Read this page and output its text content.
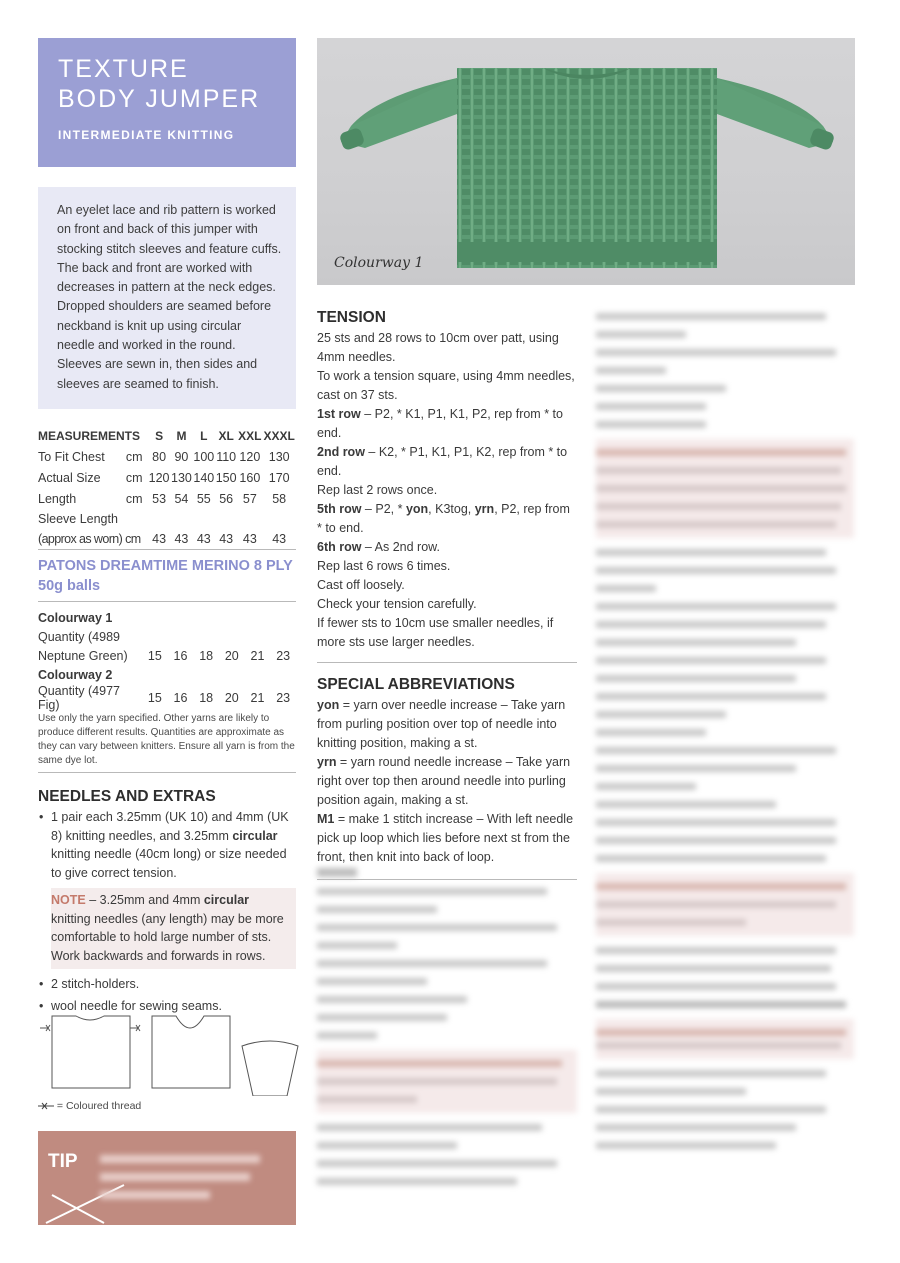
TEXTURE BODY JUMPER
INTERMEDIATE KNITTING
An eyelet lace and rib pattern is worked on front and back of this jumper with stocking stitch sleeves and feature cuffs. The back and front are worked with decreases in pattern at the neck edges. Dropped shoulders are seamed before neckband is knit up using circular needle and worked in the round. Sleeves are sewn in, then sides and sleeves are seamed to finish.
MEASUREMENTS		S	M	L	XL	XXL	XXXL
To Fit Chest	cm	80	90	100	110	120	130
Actual Size	cm	120	130	140	150	160	170
Length	cm	53	54	55	56	57	58
Sleeve Length							
(approx as worn) cm		43	43	43	43	43	43
PATONS DREAMTIME MERINO 8 PLY 50g balls
Colourway 1						
Quantity (4989						
Neptune Green)	15	16	18	20	21	23
Colourway 2						
Quantity (4977 Fig)	15	16	18	20	21	23
Use only the yarn specified. Other yarns are likely to produce different results. Quantities are approximate as they can vary between knitters. Ensure all yarn is from the same dye lot.
NEEDLES AND EXTRAS
• 1 pair each 3.25mm (UK 10) and 4mm (UK 8) knitting needles, and 3.25mm circular knitting needle (40cm long) or size needed to give correct tension.
NOTE – 3.25mm and 4mm circular knitting needles (any length) may be more comfortable to hold large number of sts. Work backwards and forwards in rows.
• 2 stitch-holders.
• wool needle for sewing seams.
= Coloured thread
TIP
Colourway 1
TENSION

25 sts and 28 rows to 10cm over patt, using 4mm needles.

To work a tension square, using 4mm needles, cast on 37 sts.

1st row – P2, * K1, P1, K1, P2, rep from * to end.

2nd row – K2, * P1, K1, P1, K2, rep from * to end.

Rep last 2 rows once.

5th row – P2, * yon, K3tog, yrn, P2, rep from * to end.

6th row – As 2nd row.

Rep last 6 rows 6 times.

Cast off loosely.

Check your tension carefully.

If fewer sts to 10cm use smaller needles, if more sts use larger needles.

SPECIAL ABBREVIATIONS

yon = yarn over needle increase – Take yarn from purling position over top of needle into knitting position, making a st.

yrn = yarn round needle increase – Take yarn right over top then around needle into purling position again, making a st.

M1 = make 1 stitch increase – With left needle pick up loop which lies before next st from the front, then knit into back of loop.
